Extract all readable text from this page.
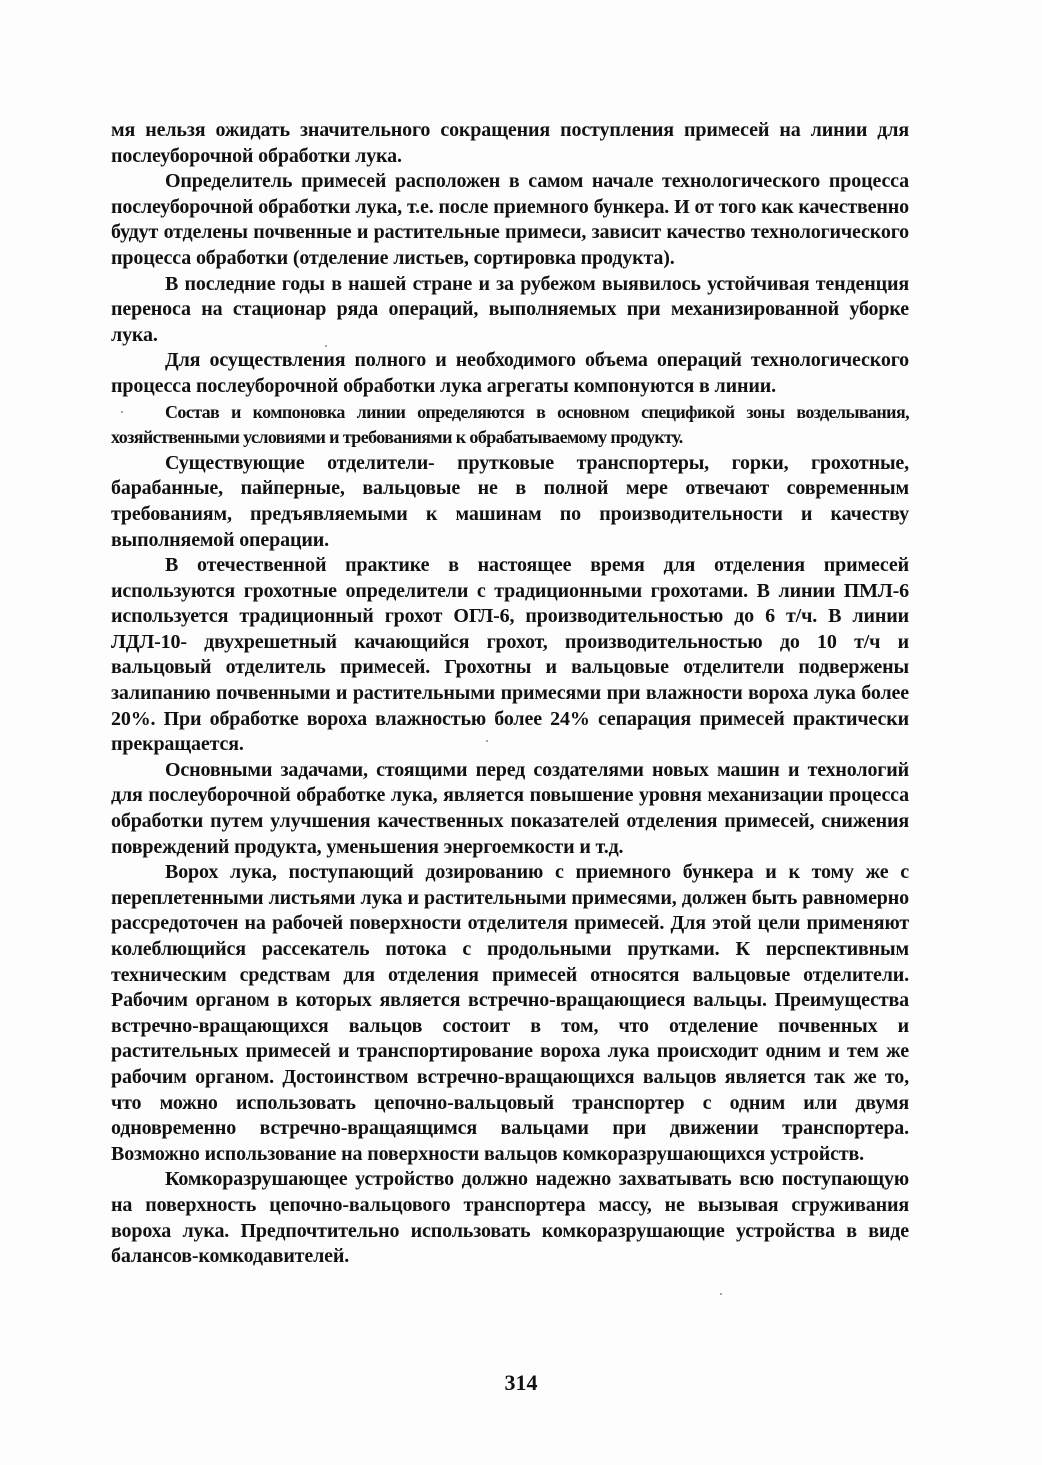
мя нельзя ожидать значительного сокращения поступления примесей на линии для послеуборочной обработки лука.

Определитель примесей расположен в самом начале технологического процесса послеуборочной обработки лука, т.е. после приемного бункера. И от того как качественно будут отделены почвенные и растительные примеси, зависит качество технологического процесса обработки (отделение листьев, сортировка продукта).

В последние годы в нашей стране и за рубежом выявилось устойчивая тенденция переноса на стационар ряда операций, выполняемых при механизированной уборке лука.

Для осуществления полного и необходимого объема операций технологического процесса послеуборочной обработки лука агрегаты компонуются в линии.

Состав и компоновка линии определяются в основном спецификой зоны возделывания, хозяйственными условиями и требованиями к обрабатываемому продукту.

Существующие отделители- прутковые транспортеры, горки, грохотные, барабанные, пайперные, вальцовые не в полной мере отвечают современным требованиям, предъявляемыми к машинам по производительности и качеству выполняемой операции.

В отечественной практике в настоящее время для отделения примесей используются грохотные определители с традиционными грохотами. В линии ПМЛ-6 используется традиционный грохот ОГЛ-6, производительностью до 6 т/ч. В линии ЛДЛ-10- двухрешетный качающийся грохот, производительностью до 10 т/ч и вальцовый отделитель примесей. Грохотны и вальцовые отделители подвержены залипанию почвенными и растительными примесями при влажности вороха лука более 20%. При обработке вороха влажностью более 24% сепарация примесей практически прекращается.

Основными задачами, стоящими перед создателями новых машин и технологий для послеуборочной обработке лука, является повышение уровня механизации процесса обработки путем улучшения качественных показателей отделения примесей, снижения повреждений продукта, уменьшения энергоемкости и т.д.

Ворох лука, поступающий дозированию с приемного бункера и к тому же с переплетенными листьями лука и растительными примесями, должен быть равномерно рассредоточен на рабочей поверхности отделителя примесей. Для этой цели применяют колеблющийся рассекатель потока с продольными прутками. К перспективным техническим средствам для отделения примесей относятся вальцовые отделители. Рабочим органом в которых является встречно-вращающиеся вальцы. Преимущества встречно-вращающихся вальцов состоит в том, что отделение почвенных и растительных примесей и транспортирование вороха лука происходит одним и тем же рабочим органом. Достоинством встречно-вращающихся вальцов является так же то, что можно использовать цепочно-вальцовый транспортер с одним или двумя одновременно встречно-вращаящимся вальцами при движении транспортера. Возможно использование на поверхности вальцов комкоразрушающихся устройств.

Комкоразрушающее устройство должно надежно захватывать всю поступающую на поверхность цепочно-вальцового транспортера массу, не вызывая сгруживания вороха лука. Предпочтительно использовать комкоразрушающие устройства в виде балансов-комкодавителей.

314
